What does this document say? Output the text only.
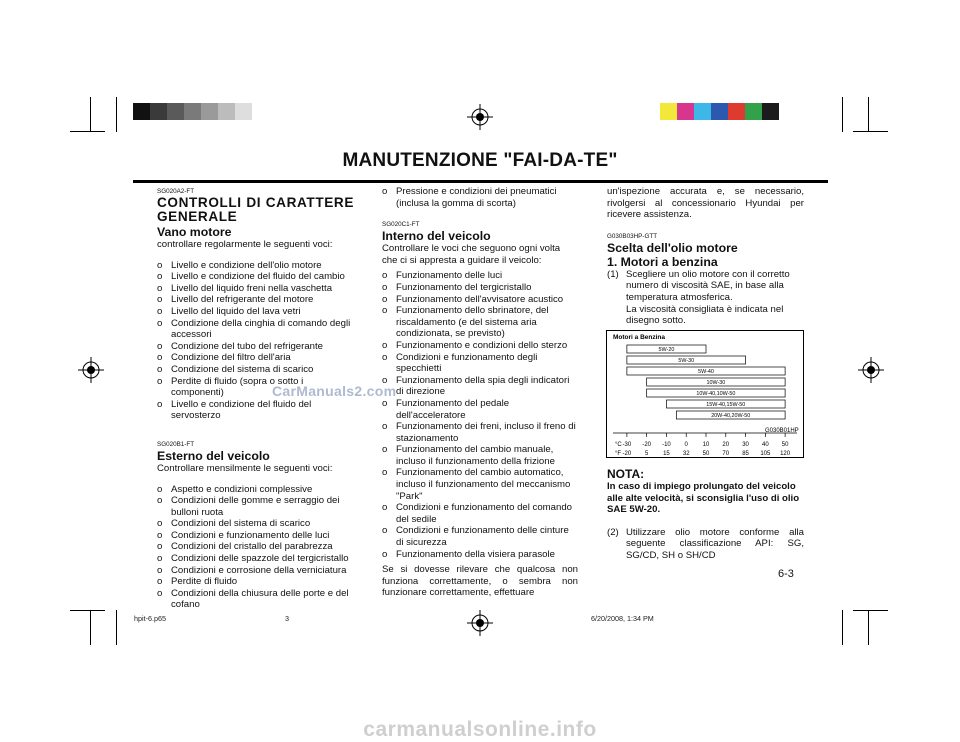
MANUTENZIONE "FAI-DA-TE"
SG020A2-FT
CONTROLLI DI CARATTERE
GENERALE
Vano motore

controllare regolarmente le seguenti voci:

o Livello e condizione dell'olio motore
o Livello e condizione del fluido del cambio
o Livello del liquido freni nella vaschetta
o Livello del refrigerante del motore
o Livello del liquido del lava vetri
o Condizione della cinghia di comando degli accessori
o Condizione del tubo del refrigerante
o Condizione del filtro dell'aria
o Condizione del sistema di scarico
o Perdite di fluido (sopra o sotto i componenti)
o Livello e condizione del fluido del servosterzo
SG020B1-FT
Esterno del veicolo

Controllare mensilmente le seguenti voci:

o Aspetto e condizioni complessive
o Condizioni delle gomme e serraggio dei bulloni ruota
o Condizioni del sistema di scarico
o Condizioni e funzionamento delle luci
o Condizioni del cristallo del parabrezza
o Condizioni delle spazzole del tergicristallo
o Condizioni e corrosione della verniciatura
o Perdite di fluido
o Condizioni della chiusura delle porte e del cofano
CarManuals2.com
o Pressione e condizioni dei pneumatici (inclusa la gomma di scorta)
SG020C1-FT
Interno del veicolo

Controllare le voci che seguono ogni volta che ci si appresta a guidare il veicolo:

o Funzionamento delle luci
o Funzionamento del tergicristallo
o Funzionamento dell'avvisatore acustico
o Funzionamento dello sbrinatore, del riscaldamento (e del sistema aria condizionata, se previsto)
o Funzionamento e condizioni dello sterzo
o Condizioni e funzionamento degli specchietti
o Funzionamento della spia degli indicatori di direzione
o Funzionamento del pedale dell'acceleratore
o Funzionamento dei freni, incluso il freno di stazionamento
o Funzionamento del cambio manuale, incluso il funzionamento della frizione
o Funzionamento del cambio automatico, incluso il funzionamento del meccanismo "Park"
o Condizioni e funzionamento del comando del sedile
o Condizioni e funzionamento delle cinture di sicurezza
o Funzionamento della visiera parasole

Se si dovesse rilevare che qualcosa non funziona correttamente, o sembra non funzionare correttamente, effettuare

un'ispezione accurata e, se necessario, rivolgersi al concessionario Hyundai per ricevere assistenza.

G030B03HP-GTT
Scelta dell'olio motore
1. Motori a benzina
(1) Scegliere un olio motore con il corretto numero di viscosità SAE, in base alla temperatura atmosferica.
La viscosità consigliata è indicata nel disegno sotto.
Motori a Benzina
G030B01HP
°C
°F
5W-20
5W-30
5W-40
10W-30
10W-40,10W-50
15W-40,15W-50
20W-40,20W-50
-30
-20
-20
5
-10
15
0
32
10
50
20
70
30
85
40
105
50
120
NOTA:
In caso di impiego prolungato del veicolo alle alte velocità, si sconsiglia l'uso di olio SAE 5W-20.
(2) Utilizzare olio motore conforme alla seguente classificazione API: SG, SG/CD, SH o SH/CD
6-3
hpit-6.p65	3	6/20/2008, 1:34 PM
carmanualsonline.info
